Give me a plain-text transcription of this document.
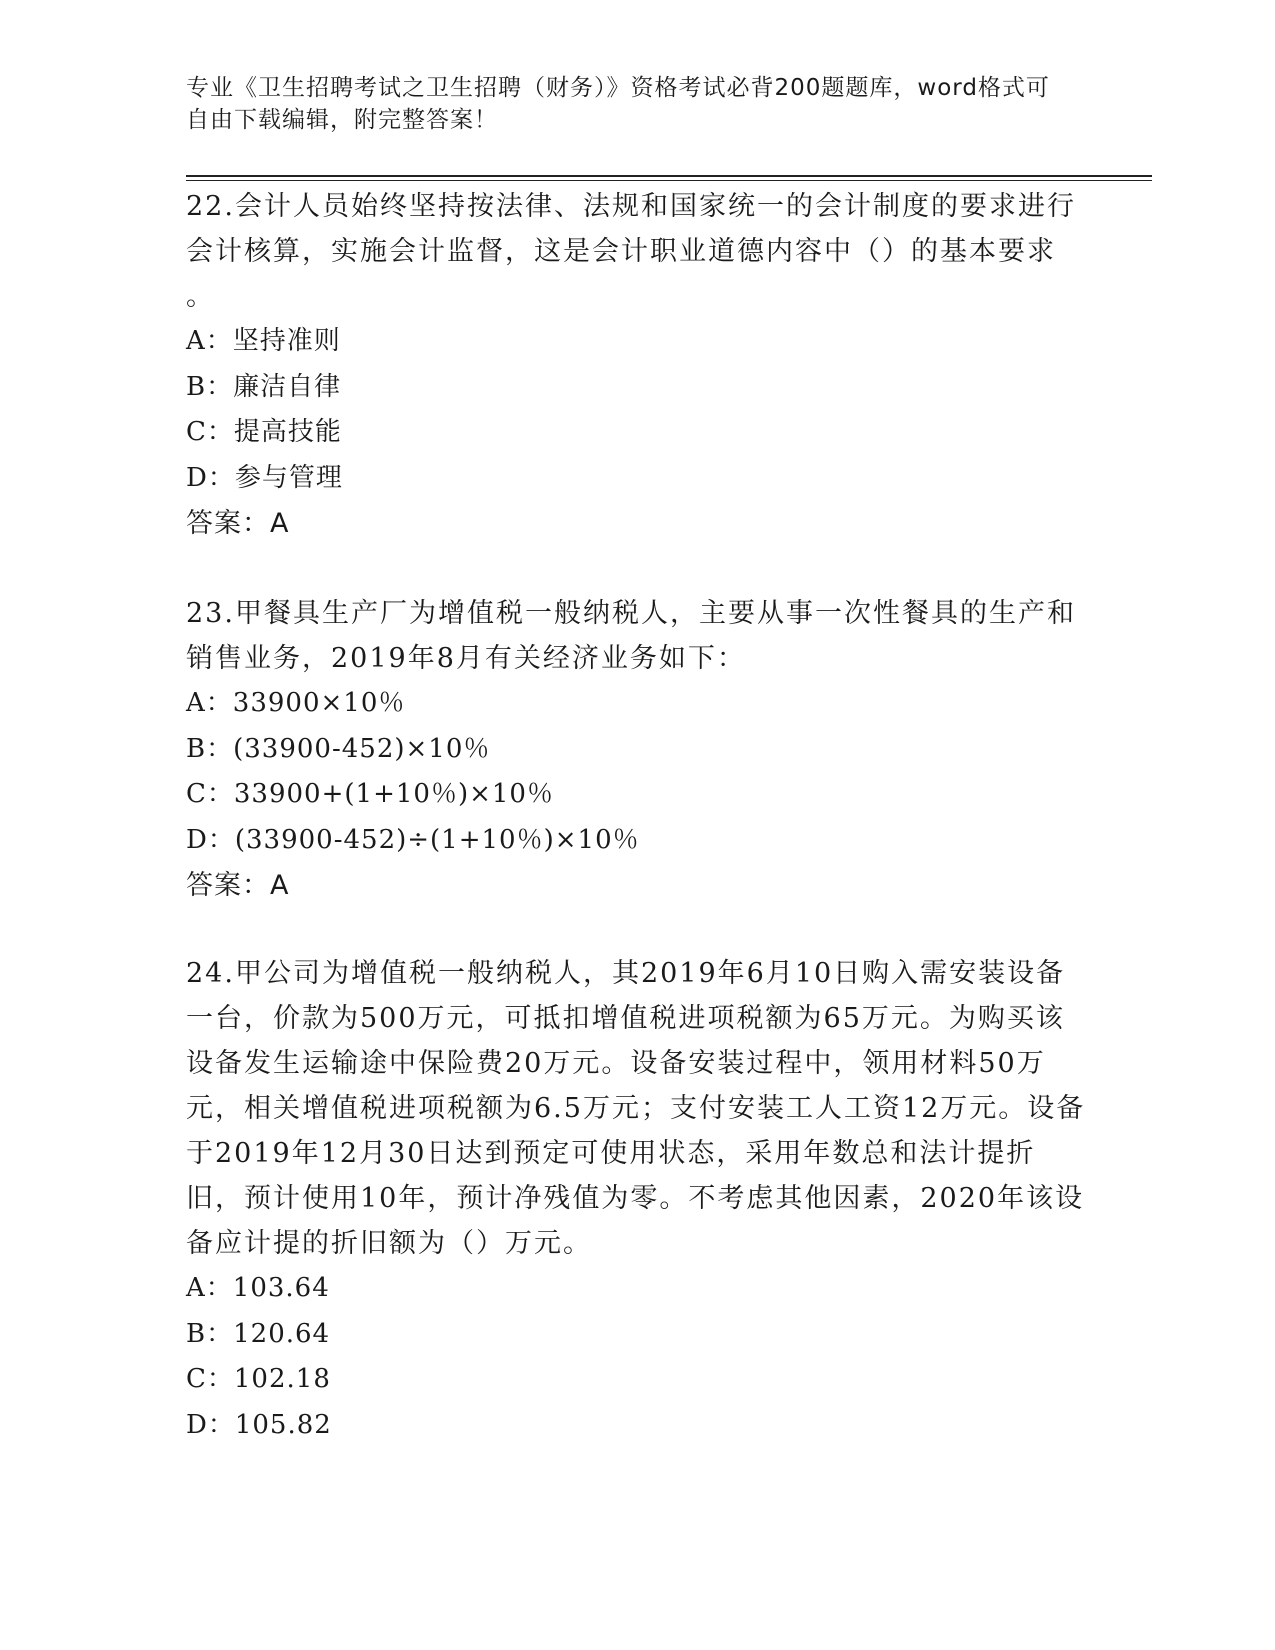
专业《卫生招聘考试之卫生招聘（财务）》资格考试必背200题题库，word格式可自由下载编辑，附完整答案！

22.会计人员始终坚持按法律、法规和国家统一的会计制度的要求进行会计核算，实施会计监督，这是会计职业道德内容中（）的基本要求

。

A：坚持准则

B：廉洁自律

C：提高技能

D：参与管理

答案：A

23.甲餐具生产厂为增值税一般纳税人，主要从事一次性餐具的生产和销售业务，2019年8月有关经济业务如下：

A：33900×10％

B：(33900-452)×10％

C：33900+(1+10％)×10％

D：(33900-452)÷(1+10％)×10％

答案：A

24.甲公司为增值税一般纳税人，其2019年6月10日购入需安装设备一台，价款为500万元，可抵扣增值税进项税额为65万元。为购买该设备发生运输途中保险费20万元。设备安装过程中，领用材料50万元，相关增值税进项税额为6.5万元；支付安装工人工资12万元。设备于2019年12月30日达到预定可使用状态，采用年数总和法计提折旧，预计使用10年，预计净残值为零。不考虑其他因素，2020年该设备应计提的折旧额为（）万元。

A：103.64

B：120.64

C：102.18

D：105.82
